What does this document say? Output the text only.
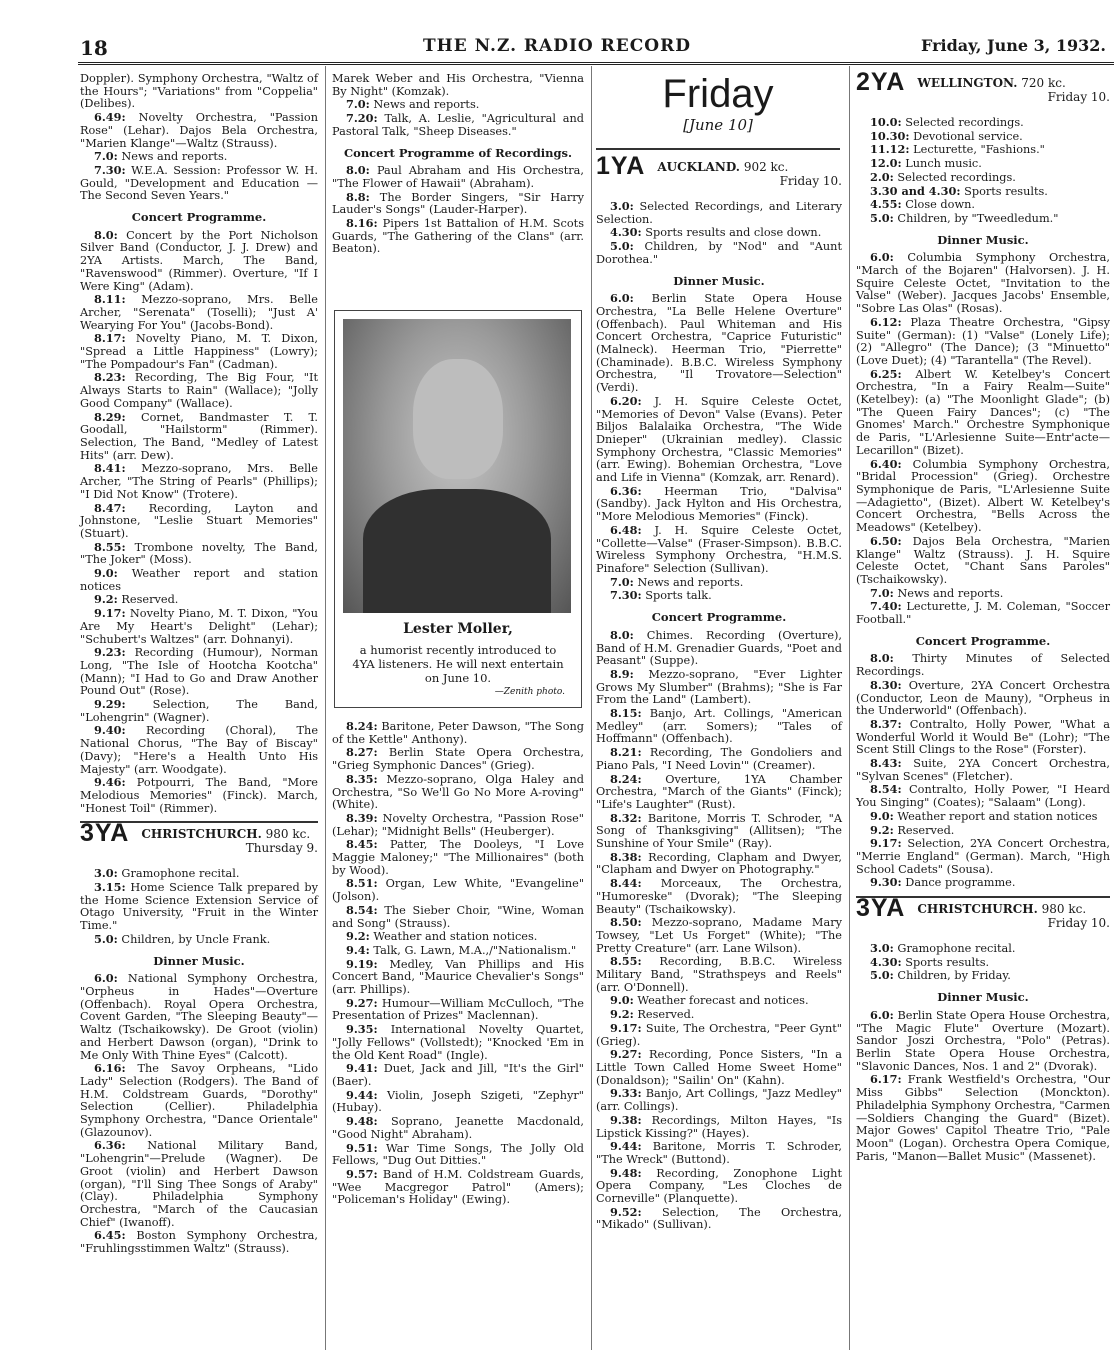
18	THE N.Z. RADIO RECORD	Friday, June 3, 1932.

Doppler). Symphony Orchestra, "Waltz of the Hours"; "Variations" from "Coppelia" (Delibes).

6.49: Novelty Orchestra, "Passion Rose" (Lehar). Dajos Bela Orchestra, "Marien Klange"—Waltz (Strauss).

7.0: News and reports.

7.30: W.E.A. Session: Professor W. H. Gould, "Development and Education —The Second Seven Years."

Concert Programme.

8.0: Concert by the Port Nicholson Silver Band (Conductor, J. J. Drew) and 2YA Artists. March, The Band, "Ravenswood" (Rimmer). Overture, "If I Were King" (Adam).

8.11: Mezzo-soprano, Mrs. Belle Archer, "Serenata" (Toselli); "Just A' Wearying For You" (Jacobs-Bond).

8.17: Novelty Piano, M. T. Dixon, "Spread a Little Happiness" (Lowry); "The Pompadour's Fan" (Cadman).

8.23: Recording, The Big Four, "It Always Starts to Rain" (Wallace); "Jolly Good Company" (Wallace).

8.29: Cornet, Bandmaster T. T. Goodall, "Hailstorm" (Rimmer). Selection, The Band, "Medley of Latest Hits" (arr. Dew).

8.41: Mezzo-soprano, Mrs. Belle Archer, "The String of Pearls" (Phillips); "I Did Not Know" (Trotere).

8.47: Recording, Layton and Johnstone, "Leslie Stuart Memories" (Stuart).

8.55: Trombone novelty, The Band, "The Joker" (Moss).

9.0: Weather report and station notices

9.2: Reserved.

9.17: Novelty Piano, M. T. Dixon, "You Are My Heart's Delight" (Lehar); "Schubert's Waltzes" (arr. Dohnanyi).

9.23: Recording (Humour), Norman Long, "The Isle of Hootcha Kootcha" (Mann); "I Had to Go and Draw Another Pound Out" (Rose).

9.29: Selection, The Band, "Lohengrin" (Wagner).

9.40: Recording (Choral), The National Chorus, "The Bay of Biscay" (Davy); "Here's a Health Unto His Majesty" (arr. Woodgate).

9.46: Potpourri, The Band, "More Melodious Memories" (Finck). March, "Honest Toil" (Rimmer).

3YA CHRISTCHURCH. 980 kc.
Thursday 9.

3.0: Gramophone recital.

3.15: Home Science Talk prepared by the Home Science Extension Service of Otago University, "Fruit in the Winter Time."

5.0: Children, by Uncle Frank.

Dinner Music.

6.0: National Symphony Orchestra, "Orpheus in Hades"—Overture (Offenbach). Royal Opera Orchestra, Covent Garden, "The Sleeping Beauty"—Waltz (Tschaikowsky). De Groot (violin) and Herbert Dawson (organ), "Drink to Me Only With Thine Eyes" (Calcott).

6.16: The Savoy Orpheans, "Lido Lady" Selection (Rodgers). The Band of H.M. Coldstream Guards, "Dorothy" Selection (Cellier). Philadelphia Symphony Orchestra, "Dance Orientale" (Glazounov).

6.36: National Military Band, "Lohengrin"—Prelude (Wagner). De Groot (violin) and Herbert Dawson (organ), "I'll Sing Thee Songs of Araby" (Clay). Philadelphia Symphony Orchestra, "March of the Caucasian Chief" (Iwanoff).

6.45: Boston Symphony Orchestra, "Fruhlingsstimmen Waltz" (Strauss).

Marek Weber and His Orchestra, "Vienna By Night" (Komzak).

7.0: News and reports.

7.20: Talk, A. Leslie, "Agricultural and Pastoral Talk, "Sheep Diseases."

Concert Programme of Recordings.

8.0: Paul Abraham and His Orchestra, "The Flower of Hawaii" (Abraham).

8.8: The Border Singers, "Sir Harry Lauder's Songs" (Lauder-Harper).

8.16: Pipers 1st Battalion of H.M. Scots Guards, "The Gathering of the Clans" (arr. Beaton).

Lester Moller,
a humorist recently introduced to 4YA listeners. He will next entertain on June 10.
—Zenith photo.

8.24: Baritone, Peter Dawson, "The Song of the Kettle" Anthony).

8.27: Berlin State Opera Orchestra, "Grieg Symphonic Dances" (Grieg).

8.35: Mezzo-soprano, Olga Haley and Orchestra, "So We'll Go No More A-roving" (White).

8.39: Novelty Orchestra, "Passion Rose" (Lehar); "Midnight Bells" (Heuberger).

8.45: Patter, The Dooleys, "I Love Maggie Maloney;" "The Millionaires" (both by Wood).

8.51: Organ, Lew White, "Evangeline" (Jolson).

8.54: The Sieber Choir, "Wine, Woman and Song" (Strauss).

9.2: Weather and station notices.

9.4: Talk, G. Lawn, M.A.,/"Nationalism."

9.19: Medley, Van Phillips and His Concert Band, "Maurice Chevalier's Songs" (arr. Phillips).

9.27: Humour—William McCulloch, "The Presentation of Prizes" Maclennan).

9.35: International Novelty Quartet, "Jolly Fellows" (Vollstedt); "Knocked 'Em in the Old Kent Road" (Ingle).

9.41: Duet, Jack and Jill, "It's the Girl" (Baer).

9.44: Violin, Joseph Szigeti, "Zephyr" (Hubay).

9.48: Soprano, Jeanette Macdonald, "Good Night" Abraham).

9.51: War Time Songs, The Jolly Old Fellows, "Dug Out Ditties."

9.57: Band of H.M. Coldstream Guards, "Wee Macgregor Patrol" (Amers); "Policeman's Holiday" (Ewing).

Friday
[June 10]
1YA AUCKLAND. 902 kc.
Friday 10.

3.0: Selected Recordings, and Literary Selection.

4.30: Sports results and close down.

5.0: Children, by "Nod" and "Aunt Dorothea."

Dinner Music.

6.0: Berlin State Opera House Orchestra, "La Belle Helene Overture" (Offenbach). Paul Whiteman and His Concert Orchestra, "Caprice Futuristic" (Malneck). Heerman Trio, "Pierrette" (Chaminade). B.B.C. Wireless Symphony Orchestra, "Il Trovatore—Selection" (Verdi).

6.20: J. H. Squire Celeste Octet, "Memories of Devon" Valse (Evans). Peter Biljos Balalaika Orchestra, "The Wide Dnieper" (Ukrainian medley). Classic Symphony Orchestra, "Classic Memories" (arr. Ewing). Bohemian Orchestra, "Love and Life in Vienna" (Komzak, arr. Renard).

6.36: Heerman Trio, "Dalvisa" (Sandby). Jack Hylton and His Orchestra, "More Melodious Memories" (Finck).

6.48: J. H. Squire Celeste Octet, "Collette—Valse" (Fraser-Simpson). B.B.C. Wireless Symphony Orchestra, "H.M.S. Pinafore" Selection (Sullivan).

7.0: News and reports.

7.30: Sports talk.

Concert Programme.

8.0: Chimes. Recording (Overture), Band of H.M. Grenadier Guards, "Poet and Peasant" (Suppe).

8.9: Mezzo-soprano, "Ever Lighter Grows My Slumber" (Brahms); "She is Far From the Land" (Lambert).

8.15: Banjo, Art. Collings, "American Medley" (arr. Somers); "Tales of Hoffmann" (Offenbach).

8.21: Recording, The Gondoliers and Piano Pals, "I Need Lovin'" (Creamer).

8.24: Overture, 1YA Chamber Orchestra, "March of the Giants" (Finck); "Life's Laughter" (Rust).

8.32: Baritone, Morris T. Schroder, "A Song of Thanksgiving" (Allitsen); "The Sunshine of Your Smile" (Ray).

8.38: Recording, Clapham and Dwyer, "Clapham and Dwyer on Photography."

8.44: Morceaux, The Orchestra, "Humoreske" (Dvorak); "The Sleeping Beauty" (Tschaikowsky).

8.50: Mezzo-soprano, Madame Mary Towsey, "Let Us Forget" (White); "The Pretty Creature" (arr. Lane Wilson).

8.55: Recording, B.B.C. Wireless Military Band, "Strathspeys and Reels" (arr. O'Donnell).

9.0: Weather forecast and notices.

9.2: Reserved.

9.17: Suite, The Orchestra, "Peer Gynt" (Grieg).

9.27: Recording, Ponce Sisters, "In a Little Town Called Home Sweet Home" (Donaldson); "Sailin' On" (Kahn).

9.33: Banjo, Art Collings, "Jazz Medley" (arr. Collings).

9.38: Recordings, Milton Hayes, "Is Lipstick Kissing?" (Hayes).

9.44: Baritone, Morris T. Schroder, "The Wreck" (Buttond).

9.48: Recording, Zonophone Light Opera Company, "Les Cloches de Corneville" (Planquette).

9.52: Selection, The Orchestra, "Mikado" (Sullivan).

2YA WELLINGTON. 720 kc.
Friday 10.

10.0: Selected recordings.

10.30: Devotional service.

11.12: Lecturette, "Fashions."

12.0: Lunch music.

2.0: Selected recordings.

3.30 and 4.30: Sports results.

4.55: Close down.

5.0: Children, by "Tweedledum."

Dinner Music.

6.0: Columbia Symphony Orchestra, "March of the Bojaren" (Halvorsen). J. H. Squire Celeste Octet, "Invitation to the Valse" (Weber). Jacques Jacobs' Ensemble, "Sobre Las Olas" (Rosas).

6.12: Plaza Theatre Orchestra, "Gipsy Suite" (German): (1) "Valse" (Lonely Life); (2) "Allegro" (The Dance); (3 "Minuetto" (Love Duet); (4) "Tarantella" (The Revel).

6.25: Albert W. Ketelbey's Concert Orchestra, "In a Fairy Realm—Suite" (Ketelbey): (a) "The Moonlight Glade"; (b) "The Queen Fairy Dances"; (c) "The Gnomes' March." Orchestre Symphonique de Paris, "L'Arlesienne Suite—Entr'acte—Lecarillon" (Bizet).

6.40: Columbia Symphony Orchestra, "Bridal Procession" (Grieg). Orchestre Symphonique de Paris, "L'Arlesienne Suite—Adagietto", (Bizet). Albert W. Ketelbey's Concert Orchestra, "Bells Across the Meadows" (Ketelbey).

6.50: Dajos Bela Orchestra, "Marien Klange" Waltz (Strauss). J. H. Squire Celeste Octet, "Chant Sans Paroles" (Tschaikowsky).

7.0: News and reports.

7.40: Lecturette, J. M. Coleman, "Soccer Football."

Concert Programme.

8.0: Thirty Minutes of Selected Recordings.

8.30: Overture, 2YA Concert Orchestra (Conductor, Leon de Mauny), "Orpheus in the Underworld" (Offenbach).

8.37: Contralto, Holly Power, "What a Wonderful World it Would Be" (Lohr); "The Scent Still Clings to the Rose" (Forster).

8.43: Suite, 2YA Concert Orchestra, "Sylvan Scenes" (Fletcher).

8.54: Contralto, Holly Power, "I Heard You Singing" (Coates); "Salaam" (Long).

9.0: Weather report and station notices

9.2: Reserved.

9.17: Selection, 2YA Concert Orchestra, "Merrie England" (German). March, "High School Cadets" (Sousa).

9.30: Dance programme.

3YA CHRISTCHURCH. 980 kc.
Friday 10.

3.0: Gramophone recital.

4.30: Sports results.

5.0: Children, by Friday.

Dinner Music.

6.0: Berlin State Opera House Orchestra, "The Magic Flute" Overture (Mozart). Sandor Joszi Orchestra, "Polo" (Petras). Berlin State Opera House Orchestra, "Slavonic Dances, Nos. 1 and 2" (Dvorak).

6.17: Frank Westfield's Orchestra, "Our Miss Gibbs" Selection (Monckton). Philadelphia Symphony Orchestra, "Carmen—Soldiers Changing the Guard" (Bizet). Major Gowes' Capitol Theatre Trio, "Pale Moon" (Logan). Orchestra Opera Comique, Paris, "Manon—Ballet Music" (Massenet).
